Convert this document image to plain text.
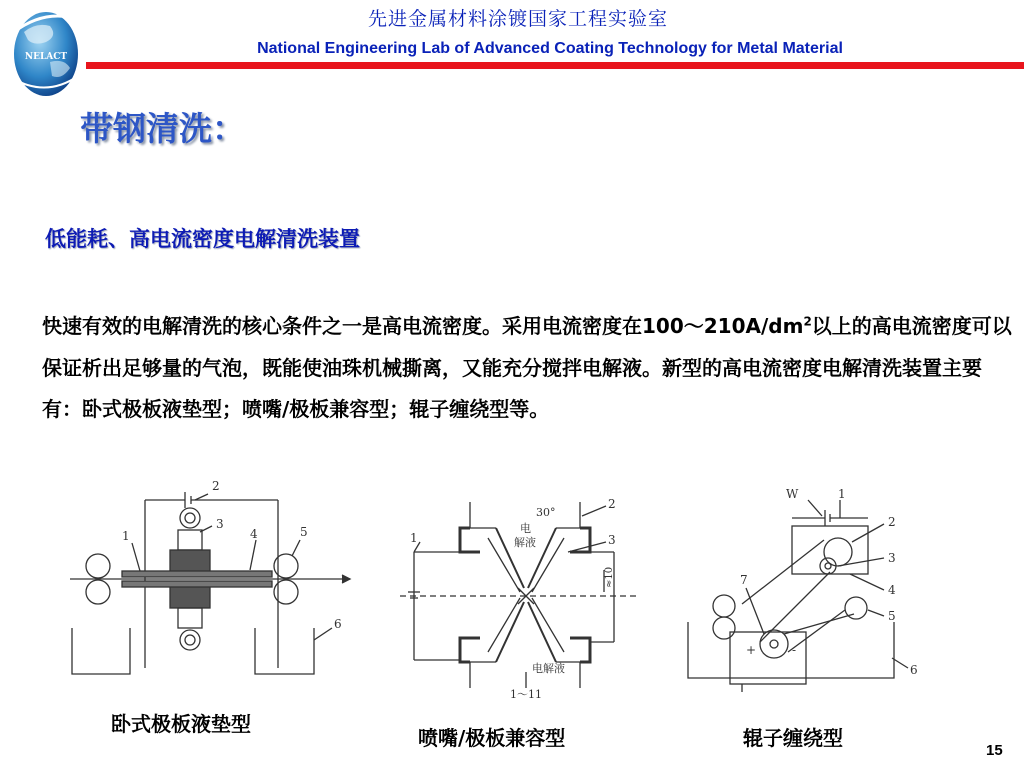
NELACT
先进金属材料涂镀国家工程实验室
National Engineering Lab of Advanced Coating Technology for Metal Material
带钢清洗：
低能耗、高电流密度电解清洗装置
快速有效的电解清洗的核心条件之一是高电流密度。采用电流密度在$100\sim 210A/dm^2$以上的高电流密度可以保证析出足够量的气泡，既能使油珠机械撕离，又能充分搅拌电解液。新型的高电流密度电解清洗装置主要有：卧式极板液垫型；喷嘴/极板兼容型；辊子缠绕型等。
1
2
3
4	5
6
2
3
1
30°
电
解液
≈10
电解液
1～11
W	1
2
3
4
5
6
7
+	-
卧式极板液垫型
喷嘴/极板兼容型	辊子缠绕型
15
